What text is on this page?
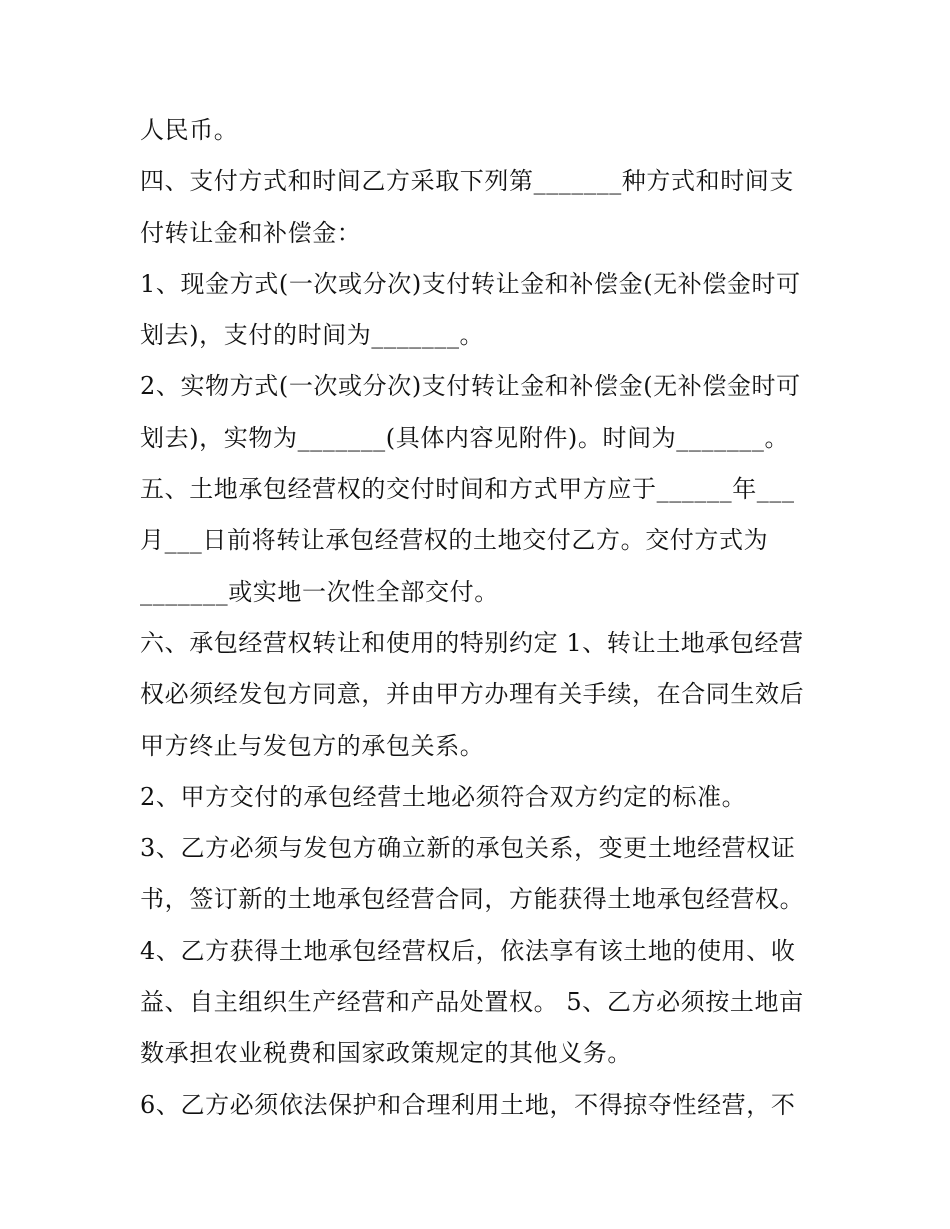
人民币。
四、支付方式和时间乙方采取下列第_______种方式和时间支
付转让金和补偿金：
1、现金方式(一次或分次)支付转让金和补偿金(无补偿金时可
划去)，支付的时间为_______。
2、实物方式(一次或分次)支付转让金和补偿金(无补偿金时可
划去)，实物为_______(具体内容见附件)。时间为_______。
五、土地承包经营权的交付时间和方式甲方应于______年___
月___日前将转让承包经营权的土地交付乙方。交付方式为
_______或实地一次性全部交付。
六、承包经营权转让和使用的特别约定 1、转让土地承包经营
权必须经发包方同意，并由甲方办理有关手续，在合同生效后
甲方终止与发包方的承包关系。
2、甲方交付的承包经营土地必须符合双方约定的标准。
3、乙方必须与发包方确立新的承包关系，变更土地经营权证
书，签订新的土地承包经营合同，方能获得土地承包经营权。
4、乙方获得土地承包经营权后，依法享有该土地的使用、收
益、自主组织生产经营和产品处置权。 5、乙方必须按土地亩
数承担农业税费和国家政策规定的其他义务。
6、乙方必须依法保护和合理利用土地，不得掠夺性经营，不
